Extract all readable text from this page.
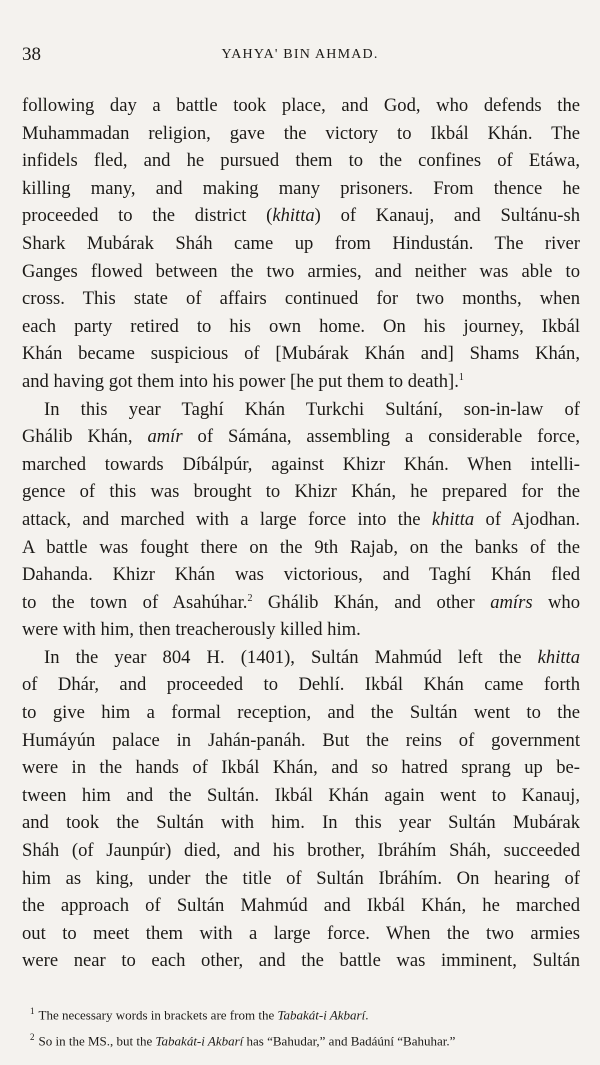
38	YAHYA' BIN AHMAD.
following day a battle took place, and God, who defends the
Muhammadan religion, gave the victory to Ikbál Khán. The
infidels fled, and he pursued them to the confines of Etáwa,
killing many, and making many prisoners. From thence he
proceeded to the district (khitta) of Kanauj, and Sultánu-sh
Shark Mubárak Sháh came up from Hindustán. The river
Ganges flowed between the two armies, and neither was able to
cross. This state of affairs continued for two months, when
each party retired to his own home. On his journey, Ikbál
Khán became suspicious of [Mubárak Khán and] Shams Khán,
and having got them into his power [he put them to death].$^1$
In this year Taghí Khán Turkchi Sultání, son-in-law of
Ghálib Khán, amír of Sámána, assembling a considerable force,
marched towards Díbálpúr, against Khizr Khán. When intelli-
gence of this was brought to Khizr Khán, he prepared for the
attack, and marched with a large force into the khitta of Ajodhan.
A battle was fought there on the 9th Rajab, on the banks of the
Dahanda. Khizr Khán was victorious, and Taghí Khán fled
to the town of Asahúhar.$^2$ Ghálib Khán, and other amírs who
were with him, then treacherously killed him.
In the year 804 H. (1401), Sultán Mahmúd left the khitta
of Dhár, and proceeded to Dehlí. Ikbál Khán came forth
to give him a formal reception, and the Sultán went to the
Humáyún palace in Jahán-panáh. But the reins of government
were in the hands of Ikbál Khán, and so hatred sprang up be-
tween him and the Sultán. Ikbál Khán again went to Kanauj,
and took the Sultán with him. In this year Sultán Mubárak
Sháh (of Jaunpúr) died, and his brother, Ibráhím Sháh, succeeded
him as king, under the title of Sultán Ibráhím. On hearing of
the approach of Sultán Mahmúd and Ikbál Khán, he marched
out to meet them with a large force. When the two armies
were near to each other, and the battle was imminent, Sultán
$^1$ The necessary words in brackets are from the Tabakát-i Akbarí.
$^2$ So in the MS., but the Tabakát-i Akbarí has “Bahudar,” and Badáúní “Bahuhar.”
